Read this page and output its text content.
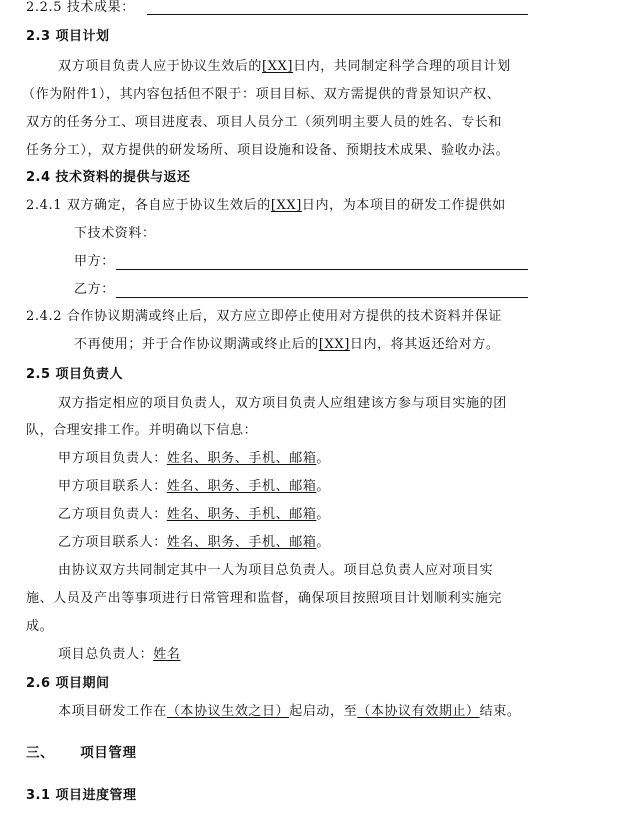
2.2.5 技术成果：
2.3 项目计划
双方项目负责人应于协议生效后的[XX]日内，共同制定科学合理的项目计划
（作为附件1），其内容包括但不限于：项目目标、双方需提供的背景知识产权、
双方的任务分工、项目进度表、项目人员分工（须列明主要人员的姓名、专长和
任务分工），双方提供的研发场所、项目设施和设备、预期技术成果、验收办法。
2.4 技术资料的提供与返还
2.4.1 双方确定，各自应于协议生效后的[XX]日内，为本项目的研发工作提供如
下技术资料：
甲方：
乙方：
2.4.2 合作协议期满或终止后，双方应立即停止使用对方提供的技术资料并保证
不再使用；并于合作协议期满或终止后的[XX]日内，将其返还给对方。
2.5 项目负责人
双方指定相应的项目负责人，双方项目负责人应组建该方参与项目实施的团
队，合理安排工作。并明确以下信息：
甲方项目负责人：姓名、职务、手机、邮箱。
甲方项目联系人：姓名、职务、手机、邮箱。
乙方项目负责人：姓名、职务、手机、邮箱。
乙方项目联系人：姓名、职务、手机、邮箱。
由协议双方共同制定其中一人为项目总负责人。项目总负责人应对项目实
施、人员及产出等事项进行日常管理和监督，确保项目按照项目计划顺利实施完
成。
项目总负责人：姓名
2.6 项目期间
本项目研发工作在（本协议生效之日）起启动，至（本协议有效期止）结束。
三、 项目管理
3.1 项目进度管理
